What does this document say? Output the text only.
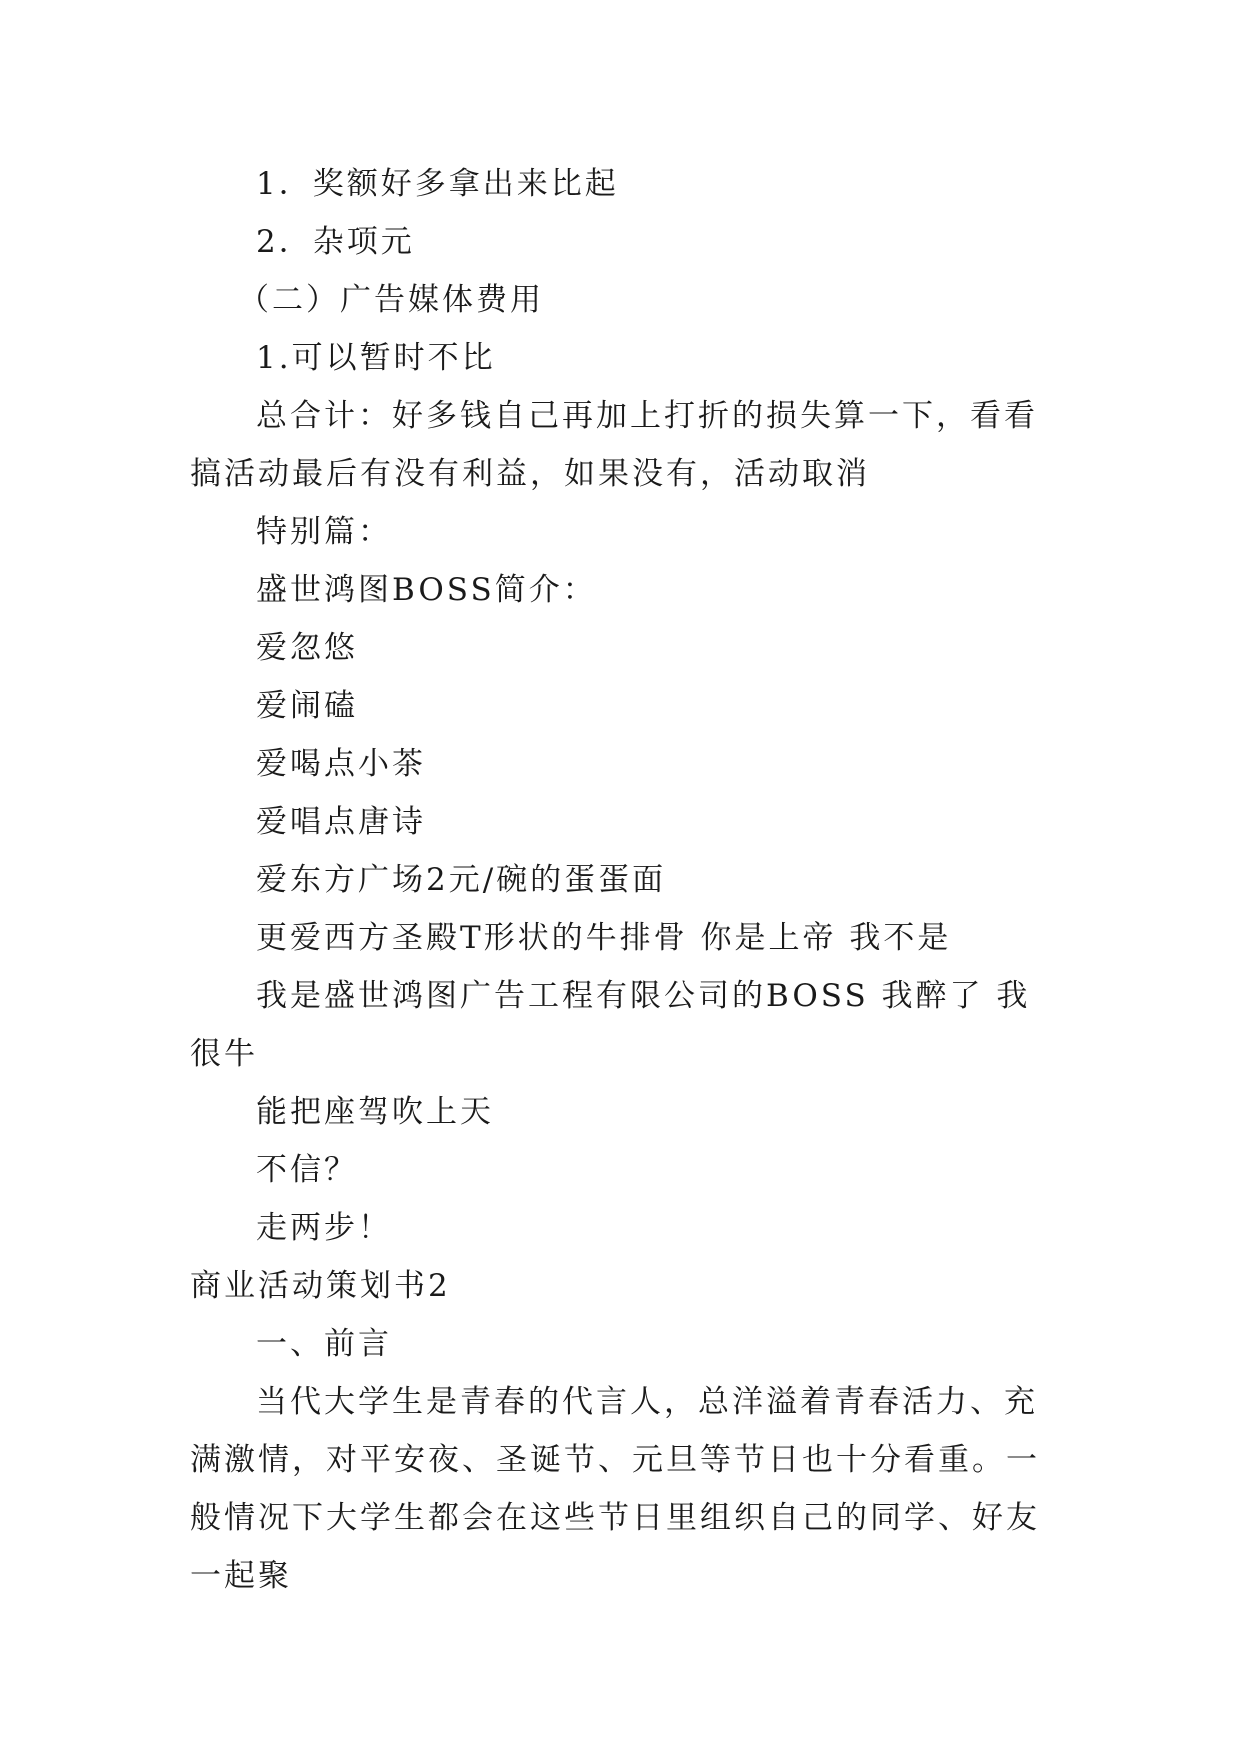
1．奖额好多拿出来比起

2．杂项元

（二）广告媒体费用

1.可以暂时不比

总合计：好多钱自己再加上打折的损失算一下，看看搞活动最后有没有利益，如果没有，活动取消

特别篇：

盛世鸿图BOSS简介：

爱忽悠

爱闹磕

爱喝点小茶

爱唱点唐诗

爱东方广场2元/碗的蛋蛋面

更爱西方圣殿T形状的牛排骨 你是上帝 我不是

我是盛世鸿图广告工程有限公司的BOSS 我醉了 我很牛

能把座驾吹上天

不信？

走两步！

商业活动策划书2

一、前言

当代大学生是青春的代言人，总洋溢着青春活力、充满激情，对平安夜、圣诞节、元旦等节日也十分看重。一般情况下大学生都会在这些节日里组织自己的同学、好友一起聚
